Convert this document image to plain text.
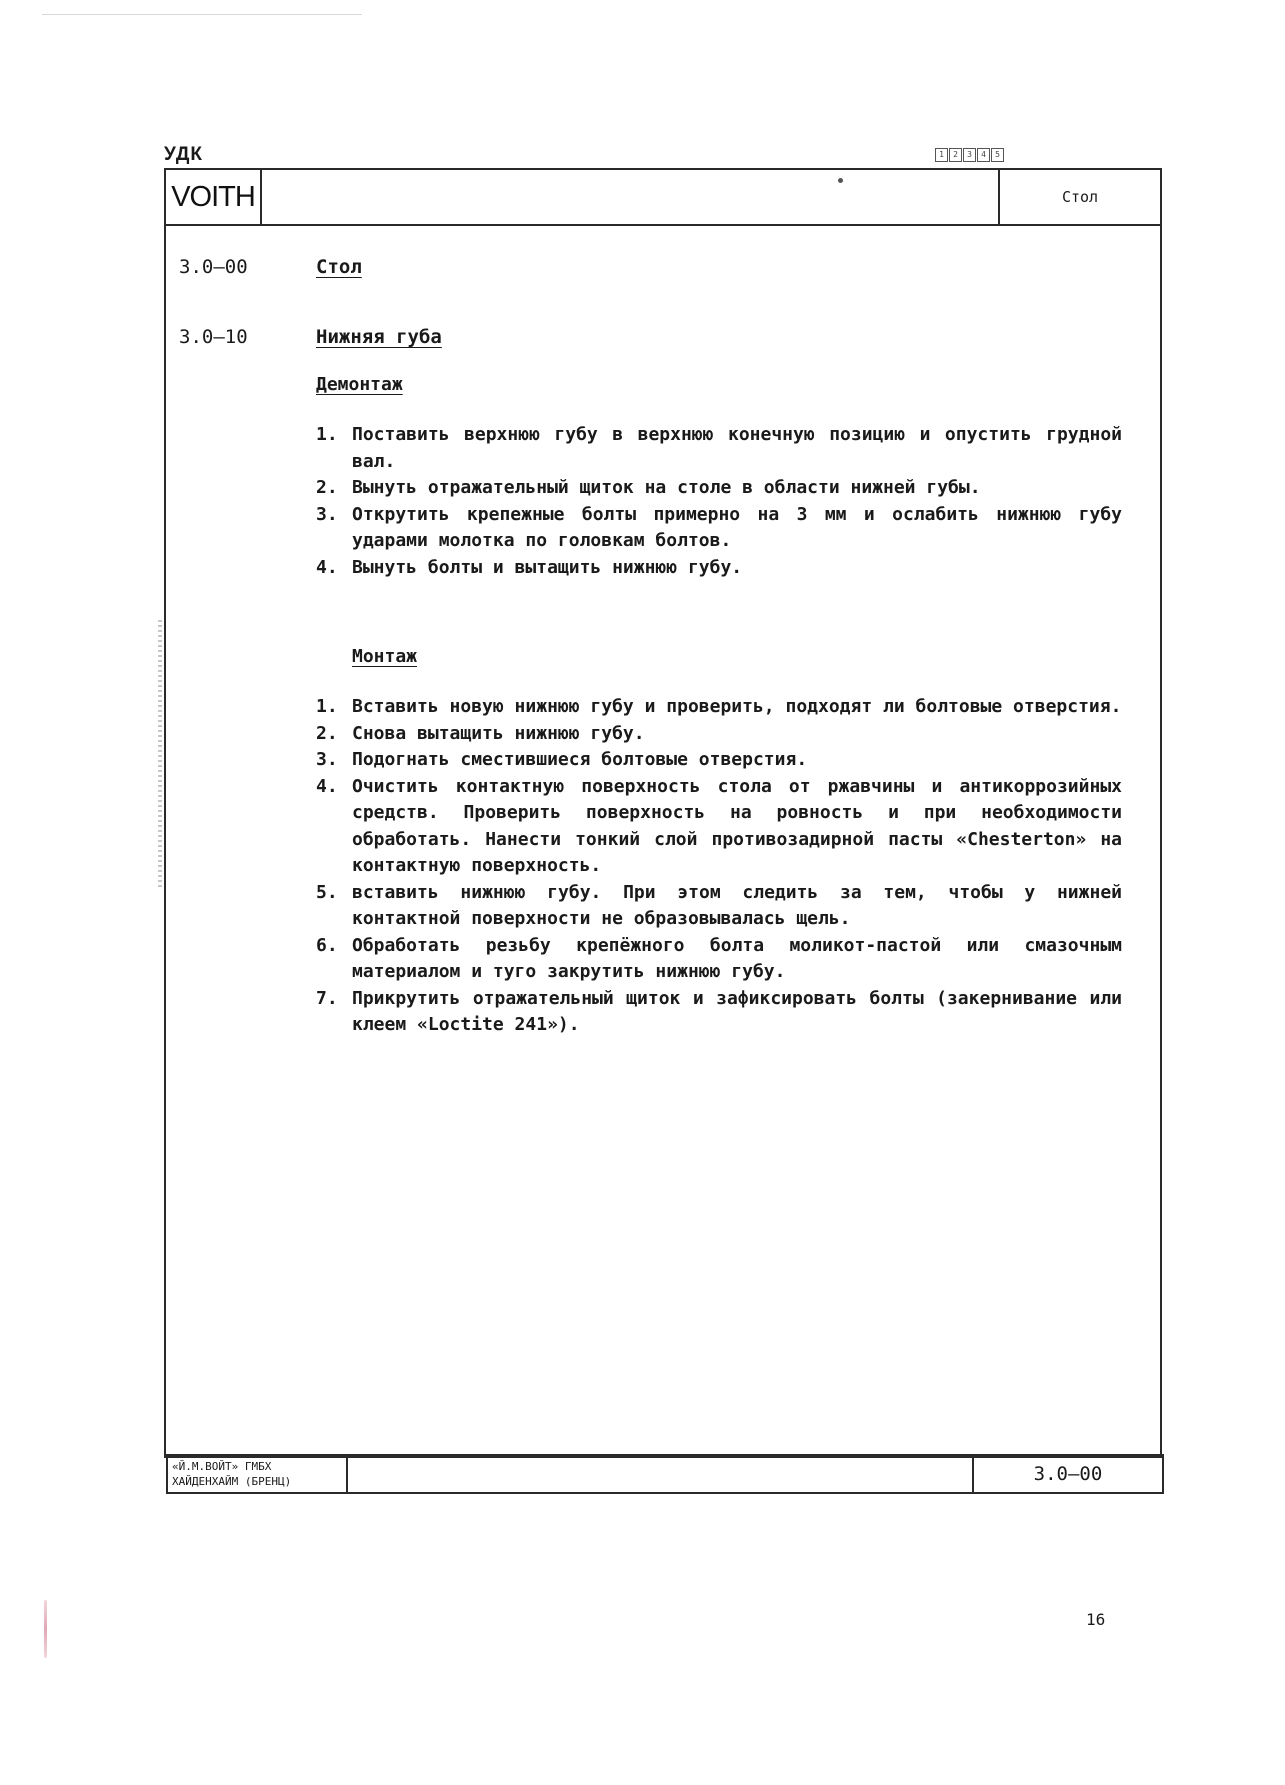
УДК	1	2	3	4	5
VOITH	Стол
3.0–00	Стол
3.0–10	Нижняя губа
Демонтаж
1. Поставить верхнюю губу в верхнюю конечную позицию и опустить грудной вал.
2. Вынуть отражательный щиток на столе в области нижней губы.
3. Открутить крепежные болты примерно на 3 мм и ослабить нижнюю губу ударами молотка по головкам болтов.
4. Вынуть болты и вытащить нижнюю губу.
Монтаж
1. Вставить новую нижнюю губу и проверить, подходят ли болтовые отверстия.
2. Снова вытащить нижнюю губу.
3. Подогнать сместившиеся болтовые отверстия.
4. Очистить контактную поверхность стола от ржавчины и антикоррозийных средств. Проверить поверхность на ровность и при необходимости обработать. Нанести тонкий слой противозадирной пасты «Chesterton» на контактную поверхность.
5. вставить нижнюю губу. При этом следить за тем, чтобы у нижней контактной поверхности не образовывалась щель.
6. Обработать резьбу крепёжного болта моликот-пастой или смазочным материалом и туго закрутить нижнюю губу.
7. Прикрутить отражательный щиток и зафиксировать болты (закернивание или клеем «Loctite 241»).
«Й.М.ВОЙТ» ГМБХ
ХАЙДЕНХАЙМ (БРЕНЦ)	3.0–00
16
